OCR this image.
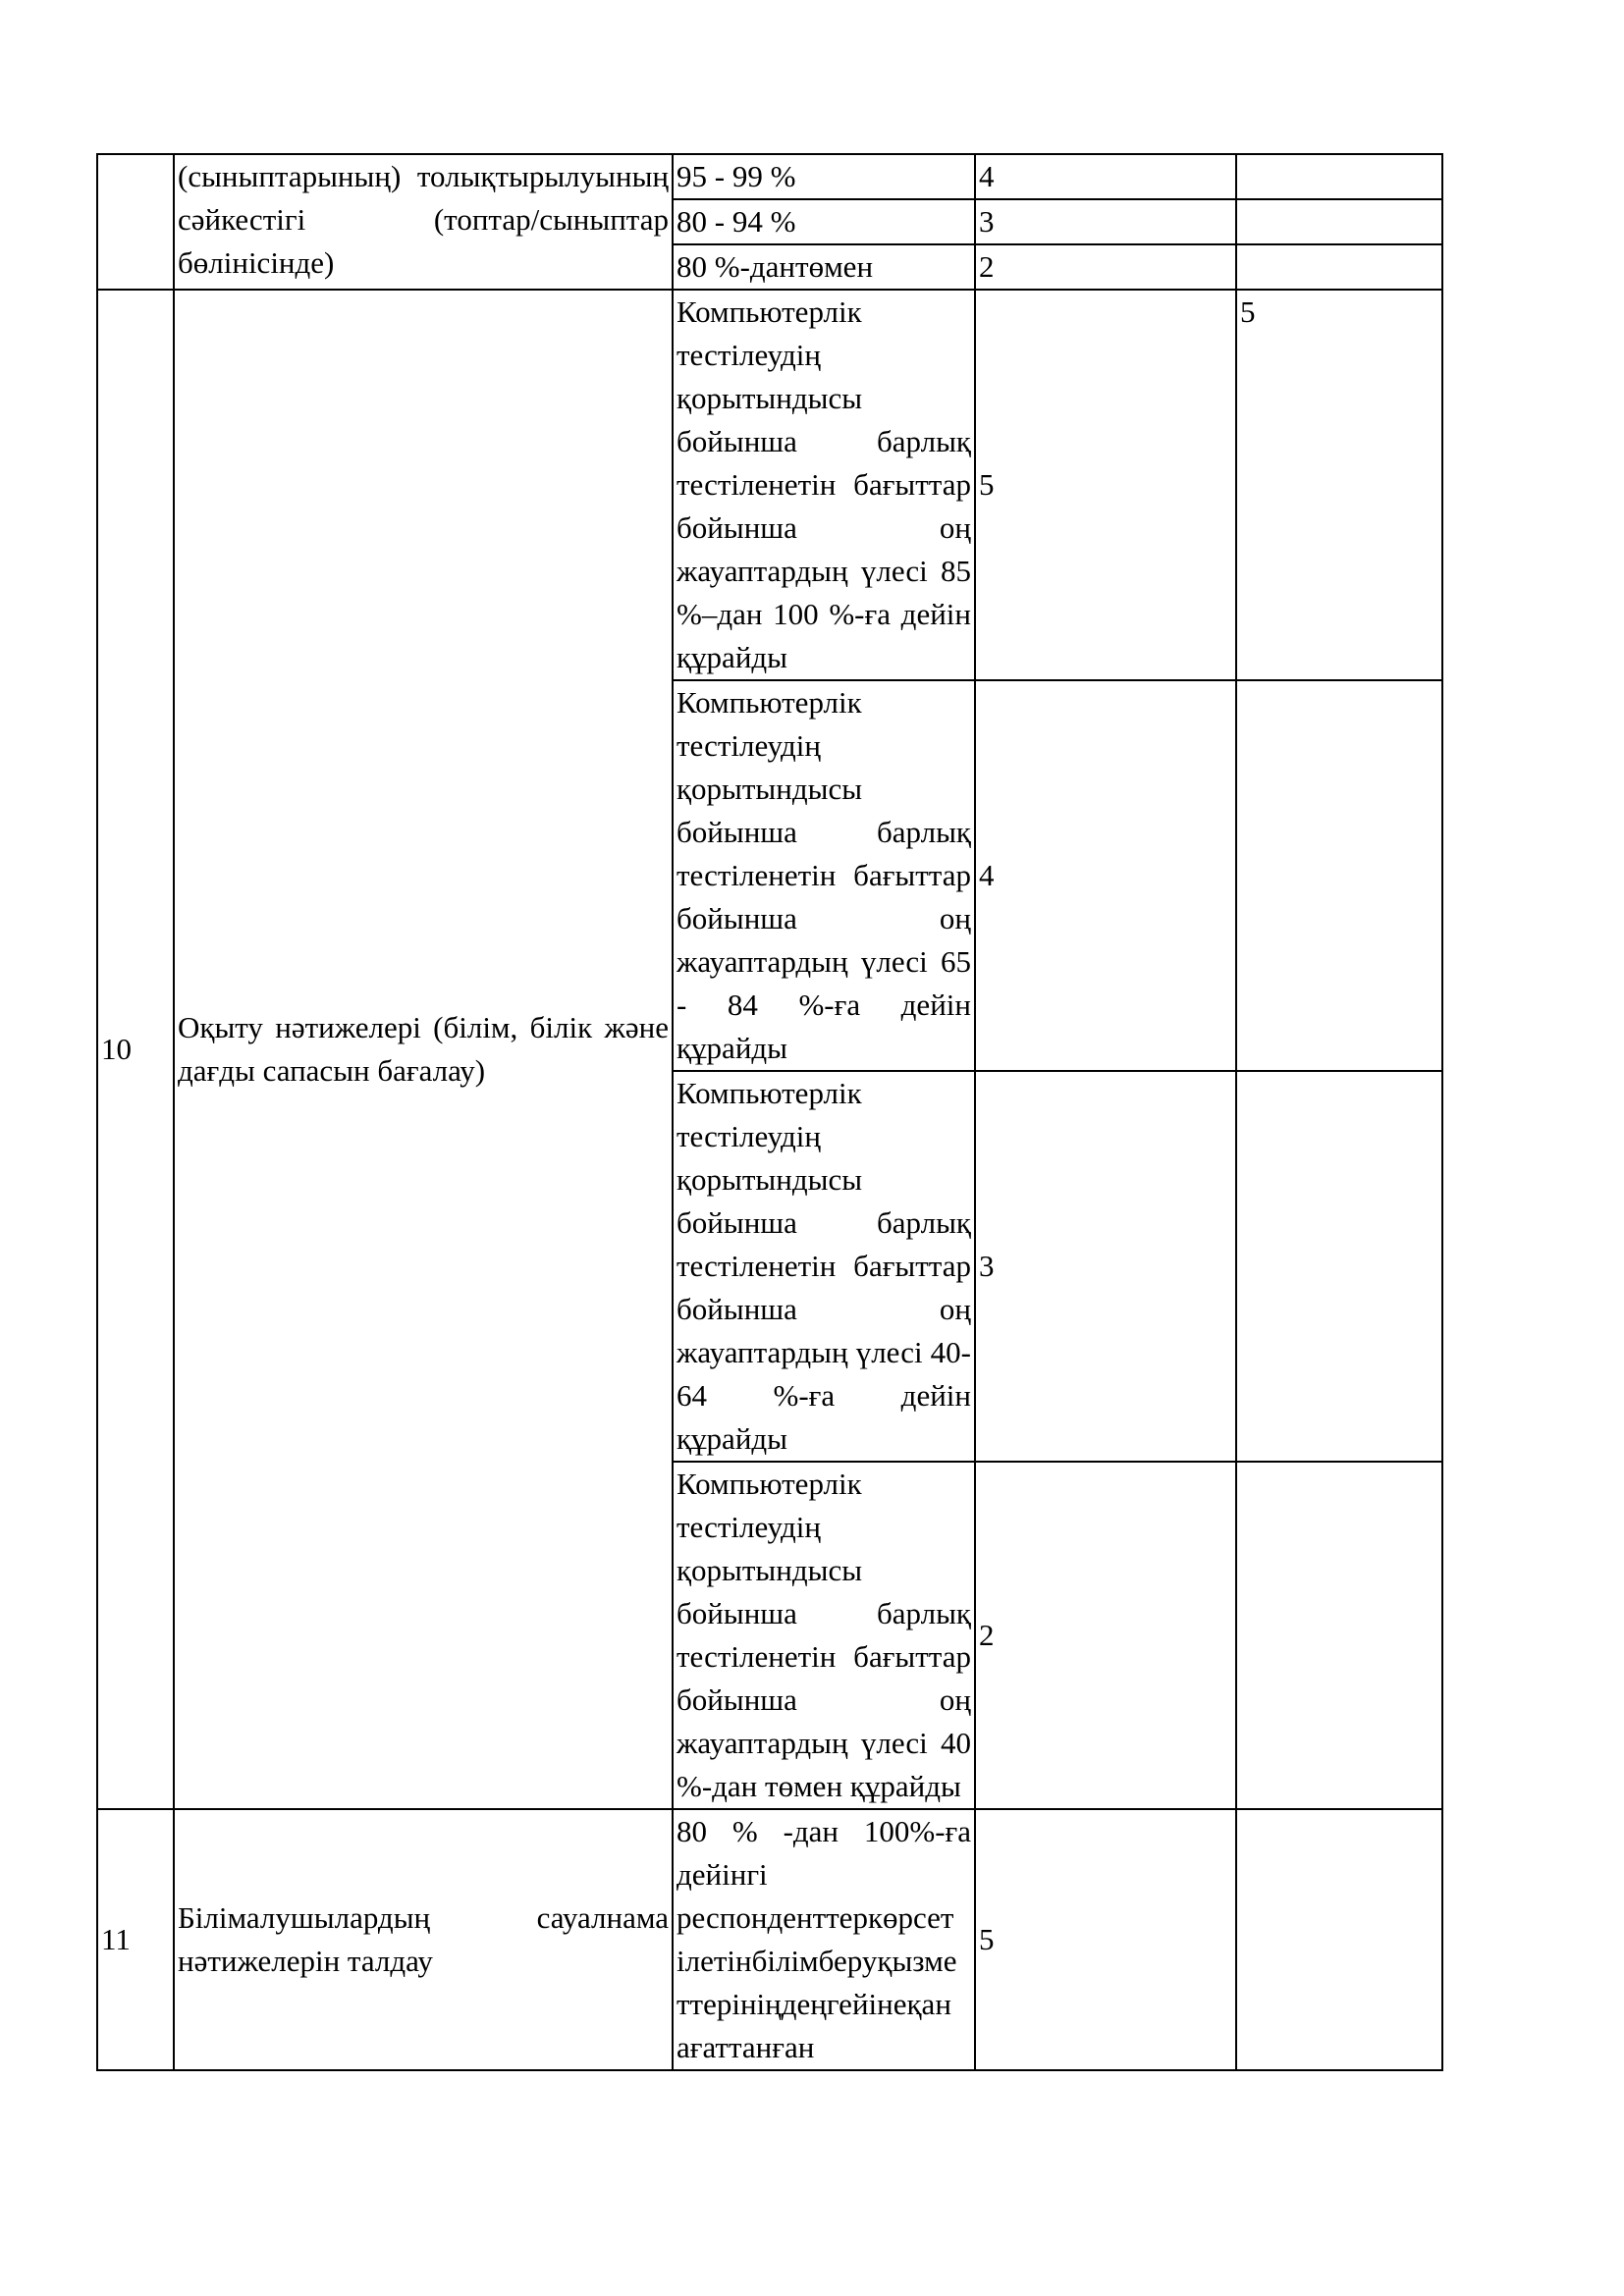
	(сыныптарының) толықтырылуының сәйкестігі (топтар/сыныптар бөлінісінде)	95 - 99 %	4	
		80 - 94 %	3	
		80 %-дантөмен	2	
10	Оқыту нәтижелері (білім, білік және дағды сапасын бағалау)	Компьютерлік тестілеудің қорытындысы бойынша барлық тестіленетін бағыттар бойынша оң жауаптардың үлесі 85 %–дан 100 %-ға дейін құрайды	5	5
		Компьютерлік тестілеудің қорытындысы бойынша барлық тестіленетін бағыттар бойынша оң жауаптардың үлесі 65 - 84 %-ға дейін құрайды	4	
		Компьютерлік тестілеудің қорытындысы бойынша барлық тестіленетін бағыттар бойынша оң жауаптардың үлесі 40-64 %-ға дейін құрайды	3	
		Компьютерлік тестілеудің қорытындысы бойынша барлық тестіленетін бағыттар бойынша оң жауаптардың үлесі 40 %-дан төмен құрайды	2	
11	Білімалушылардың сауалнама нәтижелерін талдау	80 % -дан 100%-ға дейінгі респонденттеркөрсет ілетінбілімберуқызме ттерініңдеңгейінеқан ағаттанған	5	
